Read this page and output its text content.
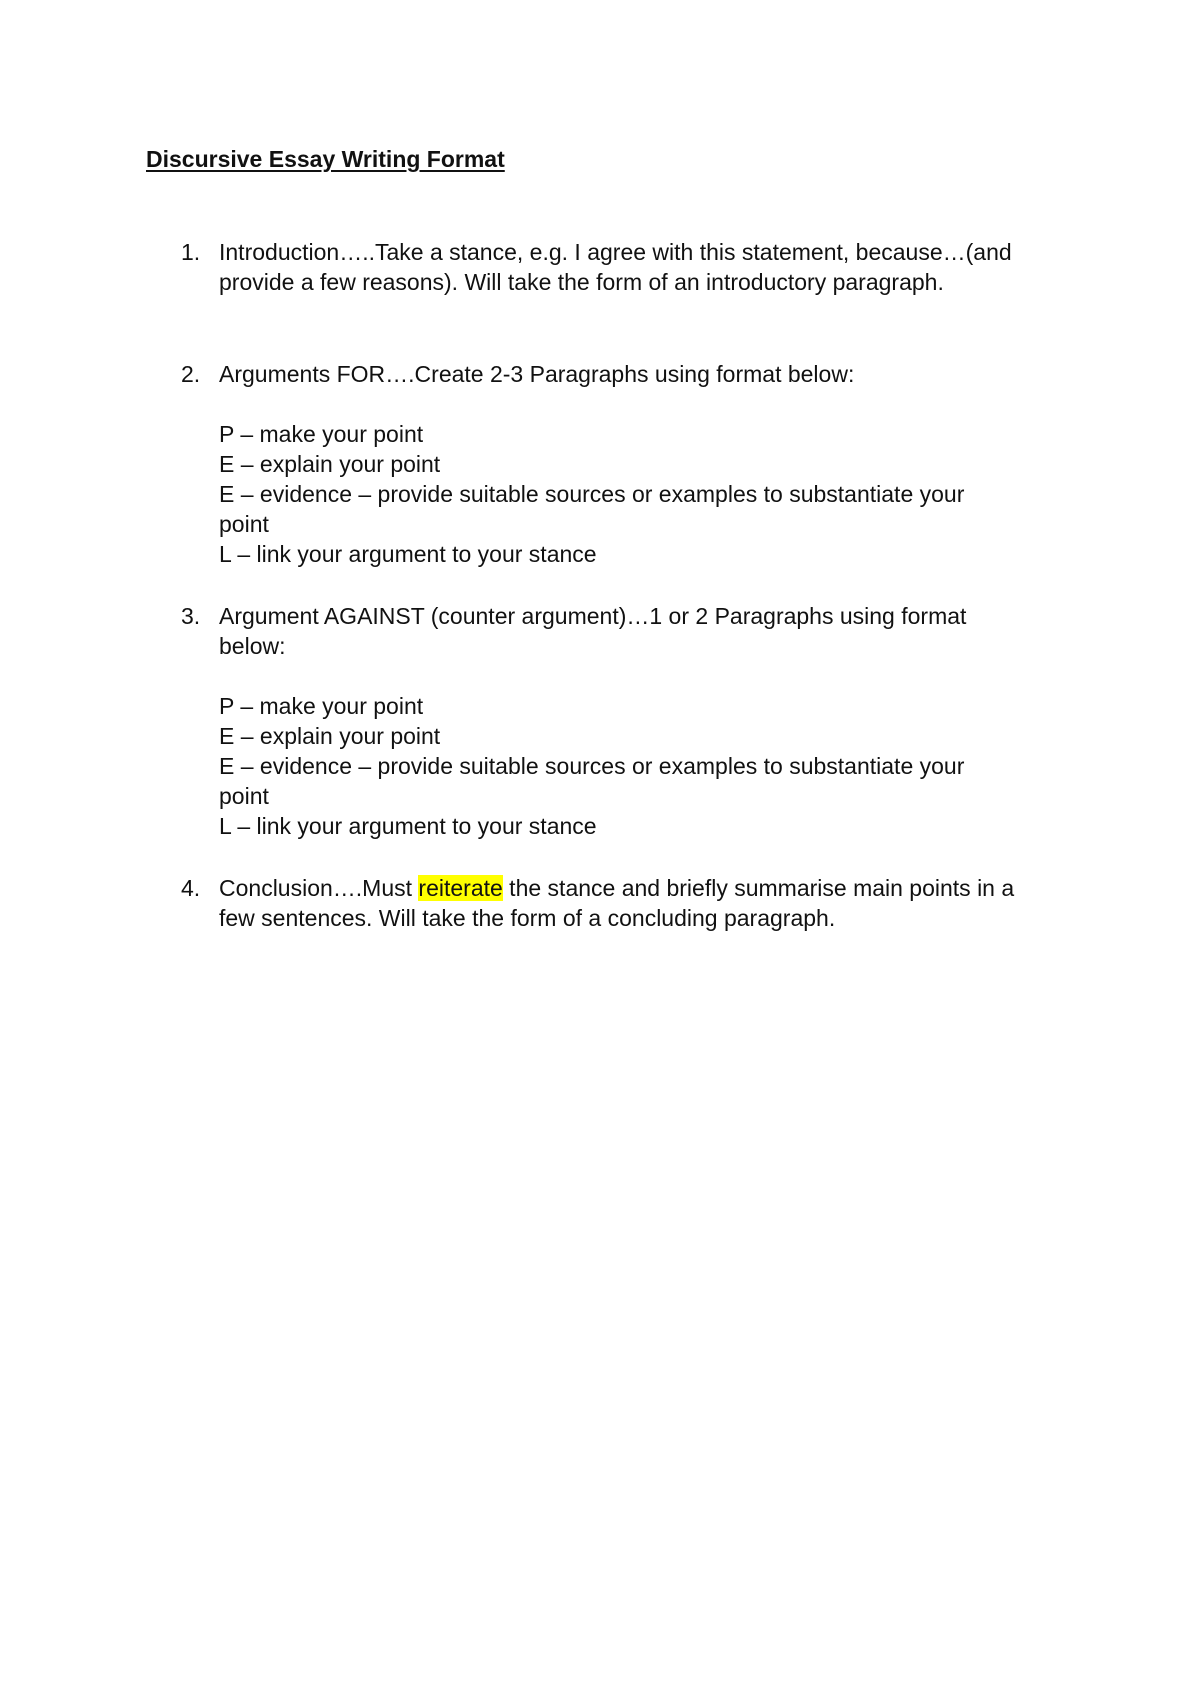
Discursive Essay Writing Format
1. Introduction…..Take a stance, e.g. I agree with this statement, because…(and
provide a few reasons). Will take the form of an introductory paragraph.
2. Arguments FOR….Create 2-3 Paragraphs using format below:
P – make your point
E – explain your point
E – evidence – provide suitable sources or examples to substantiate your
point
L – link your argument to your stance
3. Argument AGAINST (counter argument)…1 or 2 Paragraphs using format
below:
P – make your point
E – explain your point
E – evidence – provide suitable sources or examples to substantiate your
point
L – link your argument to your stance
4. Conclusion….Must reiterate the stance and briefly summarise main points in a
few sentences. Will take the form of a concluding paragraph.
